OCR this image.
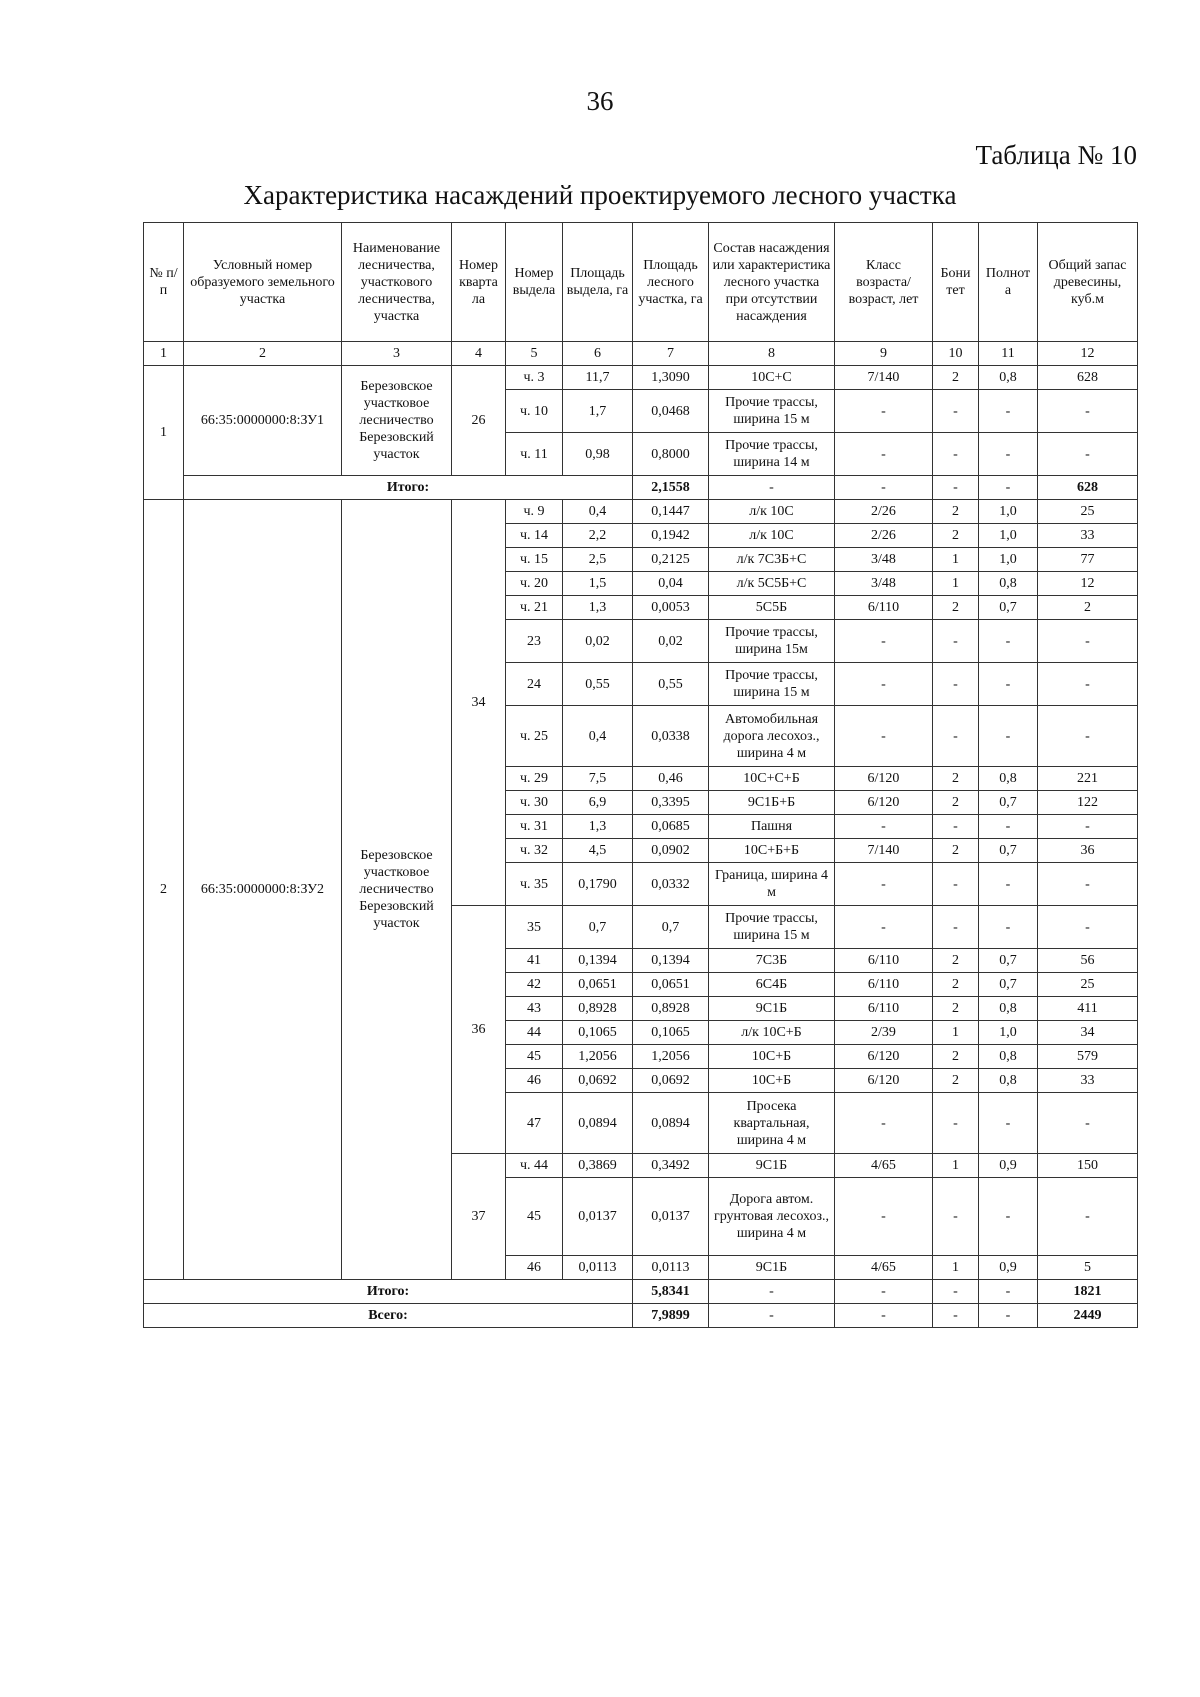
36
Таблица № 10
Характеристика насаждений проектируемого лесного участка
№ п/п	Условный номер образуемого земельного участка	Наименование лесничества, участкового лесничества, участка	Номер кварта ла	Номер выдела	Площадь выдела, га	Площадь лесного участка, га	Состав насаждения или характеристика лесного участка при отсутствии насаждения	Класс возраста/ возраст, лет	Бони тет	Полнот а	Общий запас древесины, куб.м
1	2	3	4	5	6	7	8	9	10	11	12
1	66:35:0000000:8:ЗУ1	Березовское участковое лесничество Березовский участок	26	ч. 3	11,7	1,3090	10С+С	7/140	2	0,8	628
				ч. 10	1,7	0,0468	Прочие трассы, ширина 15 м	-	-	-	-
				ч. 11	0,98	0,8000	Прочие трассы, ширина 14 м	-	-	-	-
	Итого:					2,1558	-	-	-	-	628
2	66:35:0000000:8:ЗУ2	Березовское участковое лесничество Березовский участок	34	ч. 9	0,4	0,1447	л/к 10С	2/26	2	1,0	25
				ч. 14	2,2	0,1942	л/к 10С	2/26	2	1,0	33
				ч. 15	2,5	0,2125	л/к 7С3Б+С	3/48	1	1,0	77
				ч. 20	1,5	0,04	л/к 5С5Б+С	3/48	1	0,8	12
				ч. 21	1,3	0,0053	5С5Б	6/110	2	0,7	2
				23	0,02	0,02	Прочие трассы, ширина 15м	-	-	-	-
				24	0,55	0,55	Прочие трассы, ширина 15 м	-	-	-	-
				ч. 25	0,4	0,0338	Автомобильная дорога лесохоз., ширина 4 м	-	-	-	-
				ч. 29	7,5	0,46	10С+С+Б	6/120	2	0,8	221
				ч. 30	6,9	0,3395	9С1Б+Б	6/120	2	0,7	122
				ч. 31	1,3	0,0685	Пашня	-	-	-	-
				ч. 32	4,5	0,0902	10С+Б+Б	7/140	2	0,7	36
				ч. 35	0,1790	0,0332	Граница, ширина 4 м	-	-	-	-
			36	35	0,7	0,7	Прочие трассы, ширина 15 м	-	-	-	-
				41	0,1394	0,1394	7С3Б	6/110	2	0,7	56
				42	0,0651	0,0651	6С4Б	6/110	2	0,7	25
				43	0,8928	0,8928	9С1Б	6/110	2	0,8	411
				44	0,1065	0,1065	л/к 10С+Б	2/39	1	1,0	34
				45	1,2056	1,2056	10С+Б	6/120	2	0,8	579
				46	0,0692	0,0692	10С+Б	6/120	2	0,8	33
				47	0,0894	0,0894	Просека квартальная, ширина 4 м	-	-	-	-
			37	ч. 44	0,3869	0,3492	9С1Б	4/65	1	0,9	150
				45	0,0137	0,0137	Дорога автом. грунтовая лесохоз., ширина 4 м	-	-	-	-
				46	0,0113	0,0113	9С1Б	4/65	1	0,9	5
Итого:						5,8341	-	-	-	-	1821
Всего:						7,9899	-	-	-	-	2449
